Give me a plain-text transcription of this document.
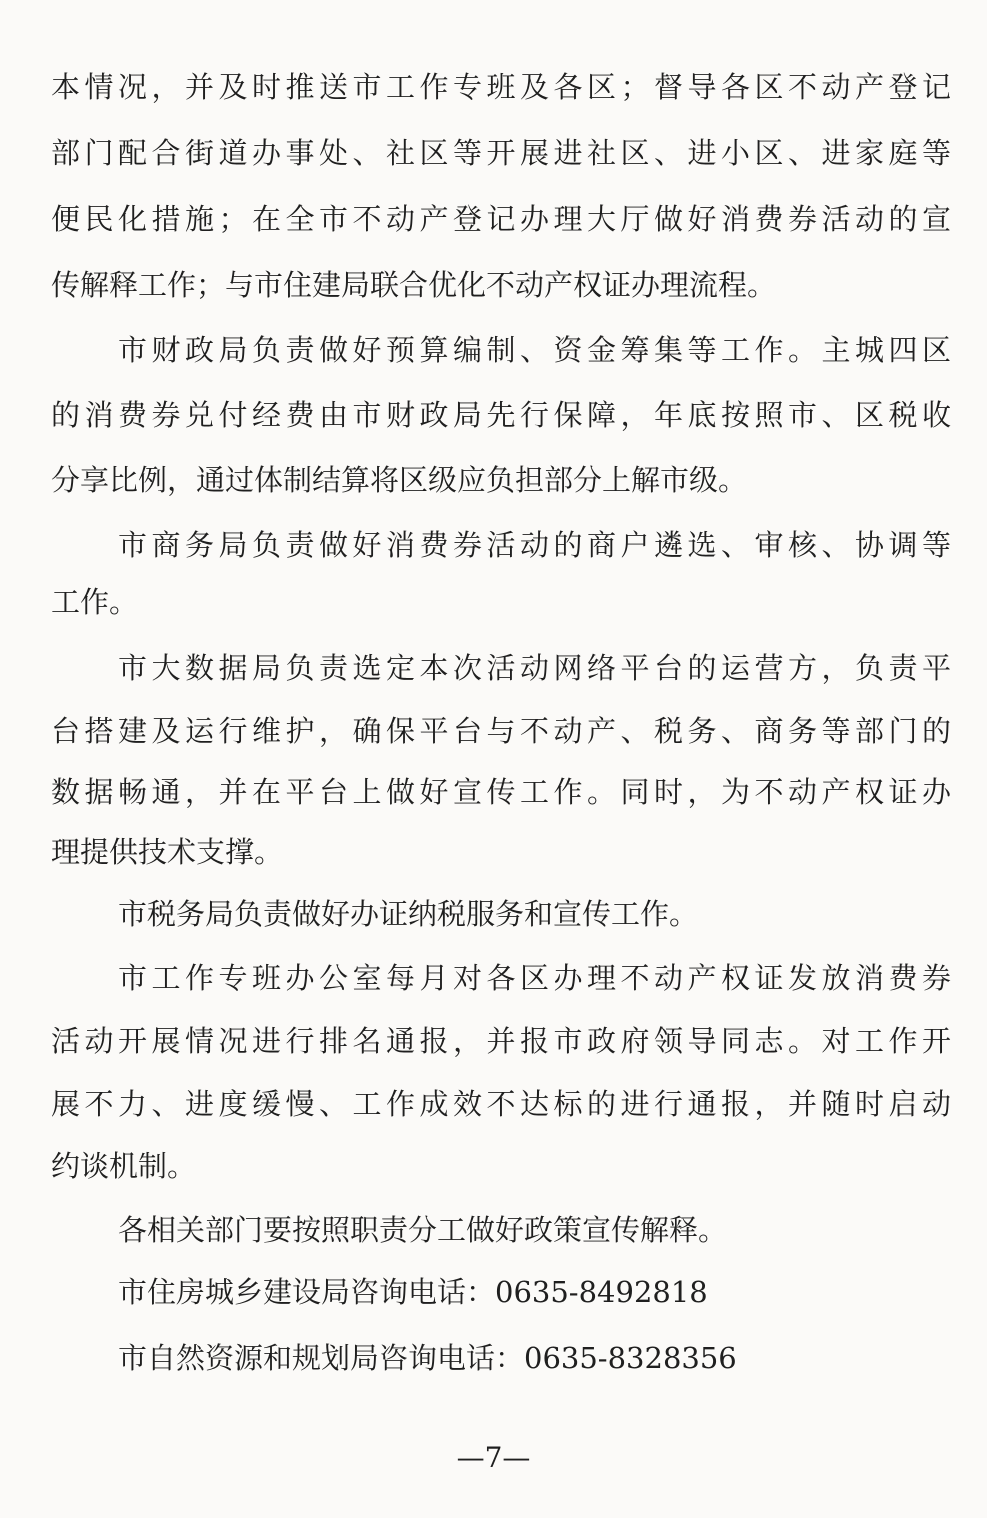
本情况，并及时推送市工作专班及各区；督导各区不动产登记
部门配合街道办事处、社区等开展进社区、进小区、进家庭等
便民化措施；在全市不动产登记办理大厅做好消费券活动的宣
传解释工作；与市住建局联合优化不动产权证办理流程。
市财政局负责做好预算编制、资金筹集等工作。主城四区
的消费券兑付经费由市财政局先行保障，年底按照市、区税收
分享比例，通过体制结算将区级应负担部分上解市级。
市商务局负责做好消费券活动的商户遴选、审核、协调等
工作。
市大数据局负责选定本次活动网络平台的运营方，负责平
台搭建及运行维护，确保平台与不动产、税务、商务等部门的
数据畅通，并在平台上做好宣传工作。同时，为不动产权证办
理提供技术支撑。
市税务局负责做好办证纳税服务和宣传工作。
市工作专班办公室每月对各区办理不动产权证发放消费券
活动开展情况进行排名通报，并报市政府领导同志。对工作开
展不力、进度缓慢、工作成效不达标的进行通报，并随时启动
约谈机制。
各相关部门要按照职责分工做好政策宣传解释。
市住房城乡建设局咨询电话：0635-8492818
市自然资源和规划局咨询电话：0635-8328356
—7—
